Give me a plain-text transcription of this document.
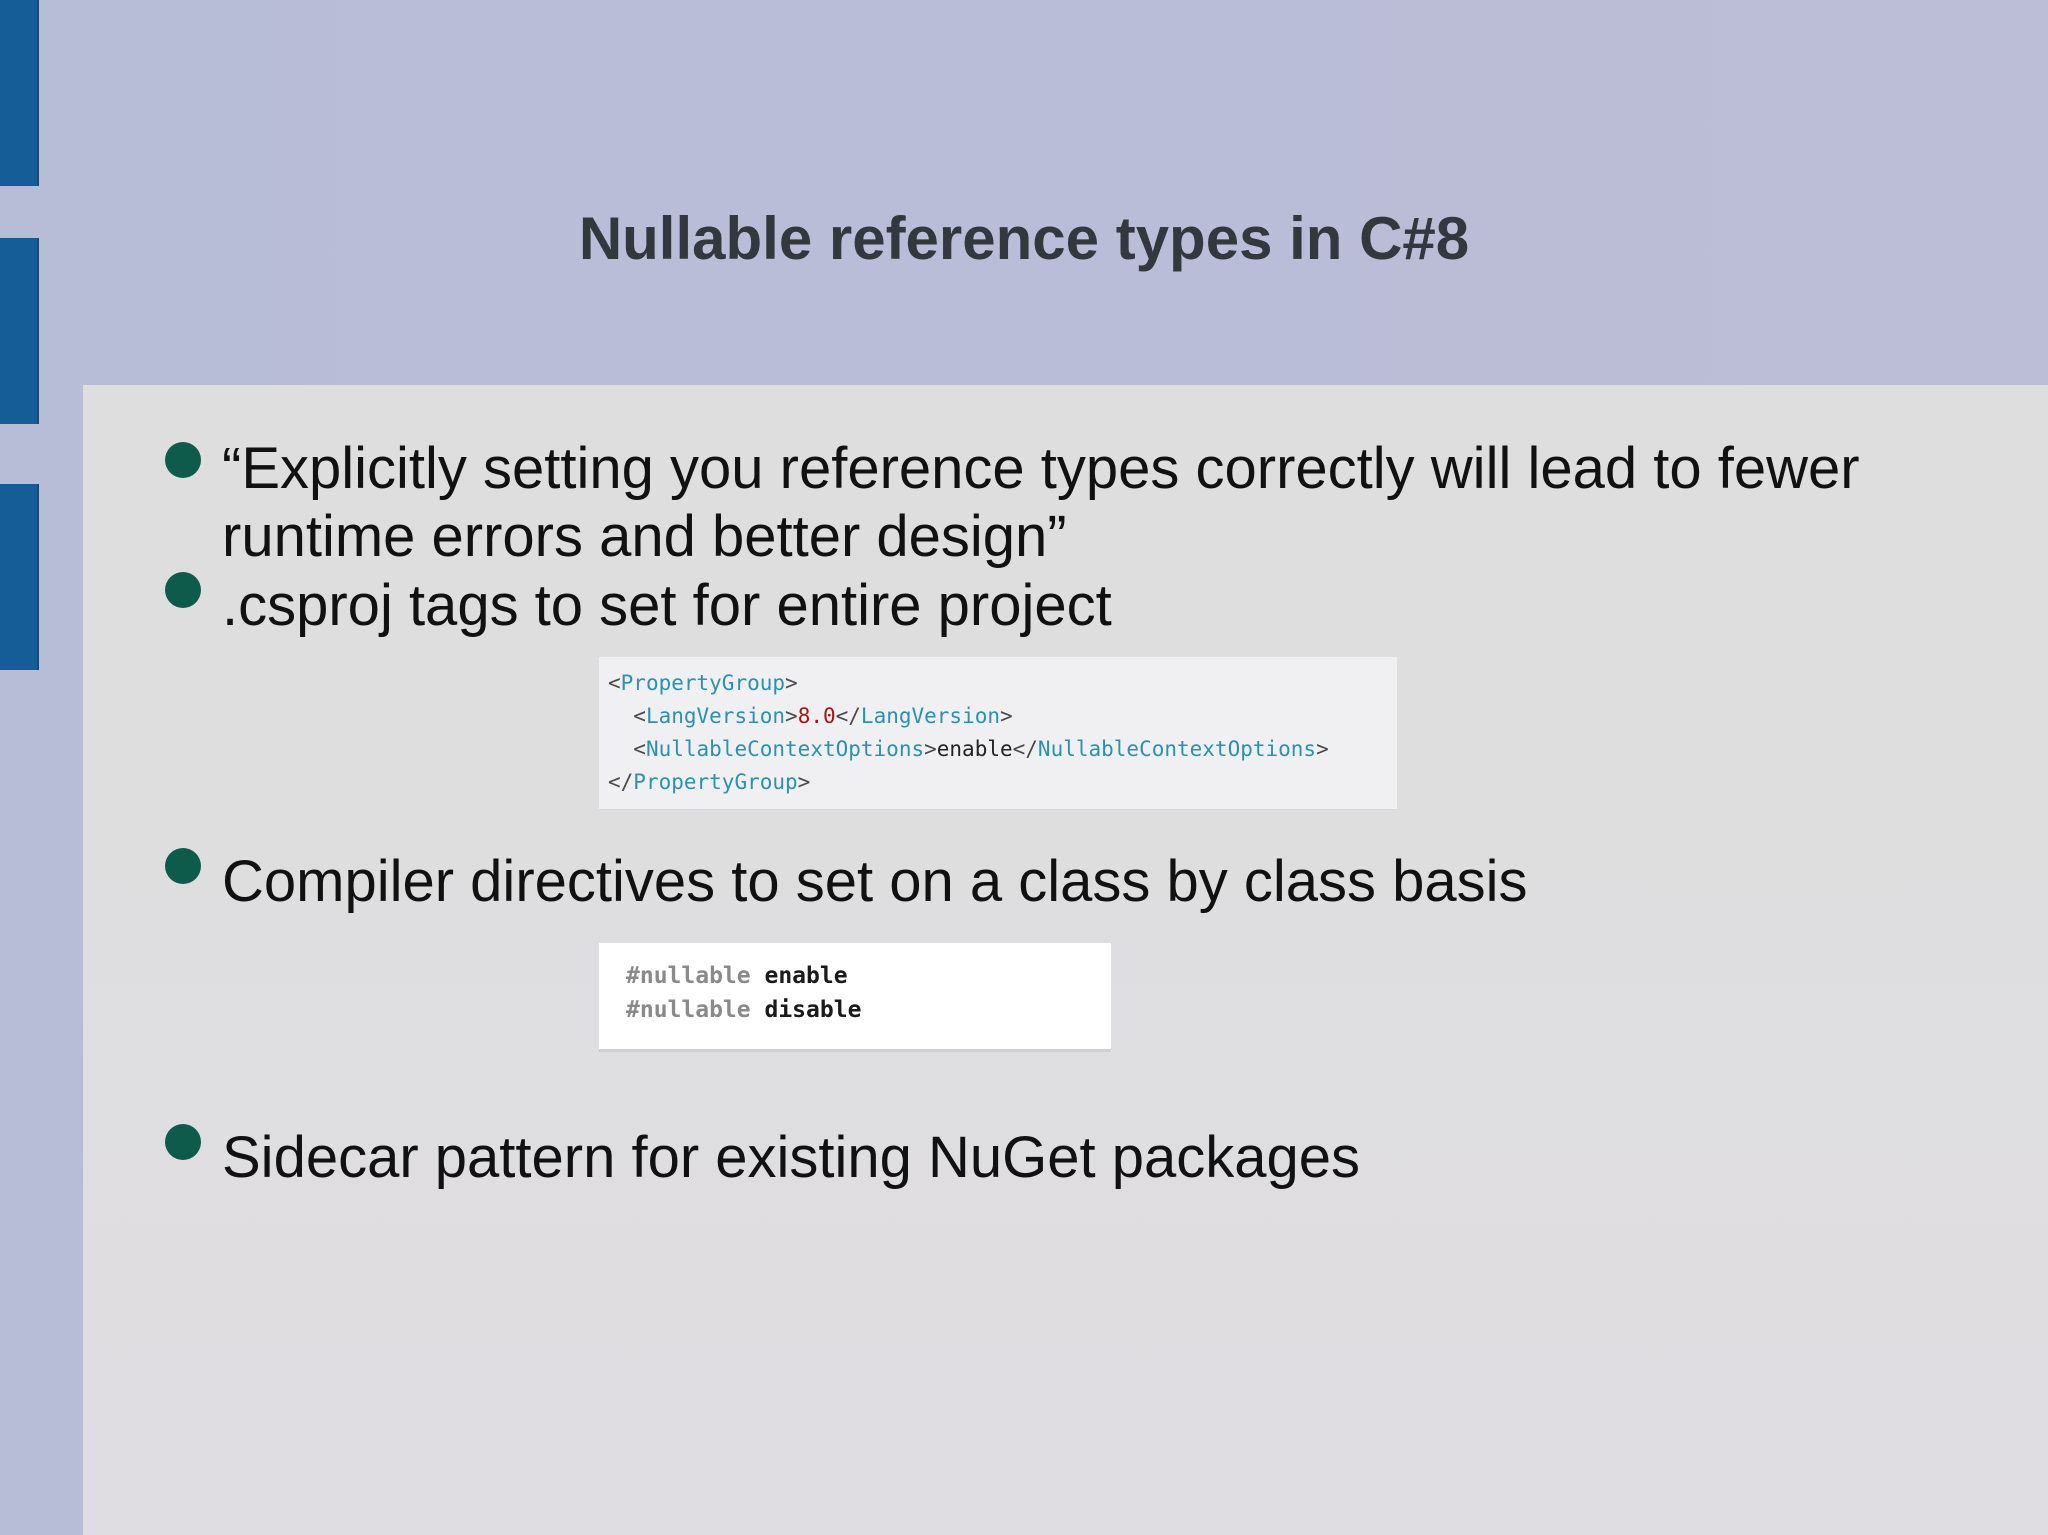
Nullable reference types in C#8
“Explicitly setting you reference types correctly will lead to fewer runtime errors and better design”
.csproj tags to set for entire project
<PropertyGroup>
<LangVersion>8.0</LangVersion>
<NullableContextOptions>enable</NullableContextOptions>
</PropertyGroup>
Compiler directives to set on a class by class basis
#nullable enable
#nullable disable
Sidecar pattern for existing NuGet packages
